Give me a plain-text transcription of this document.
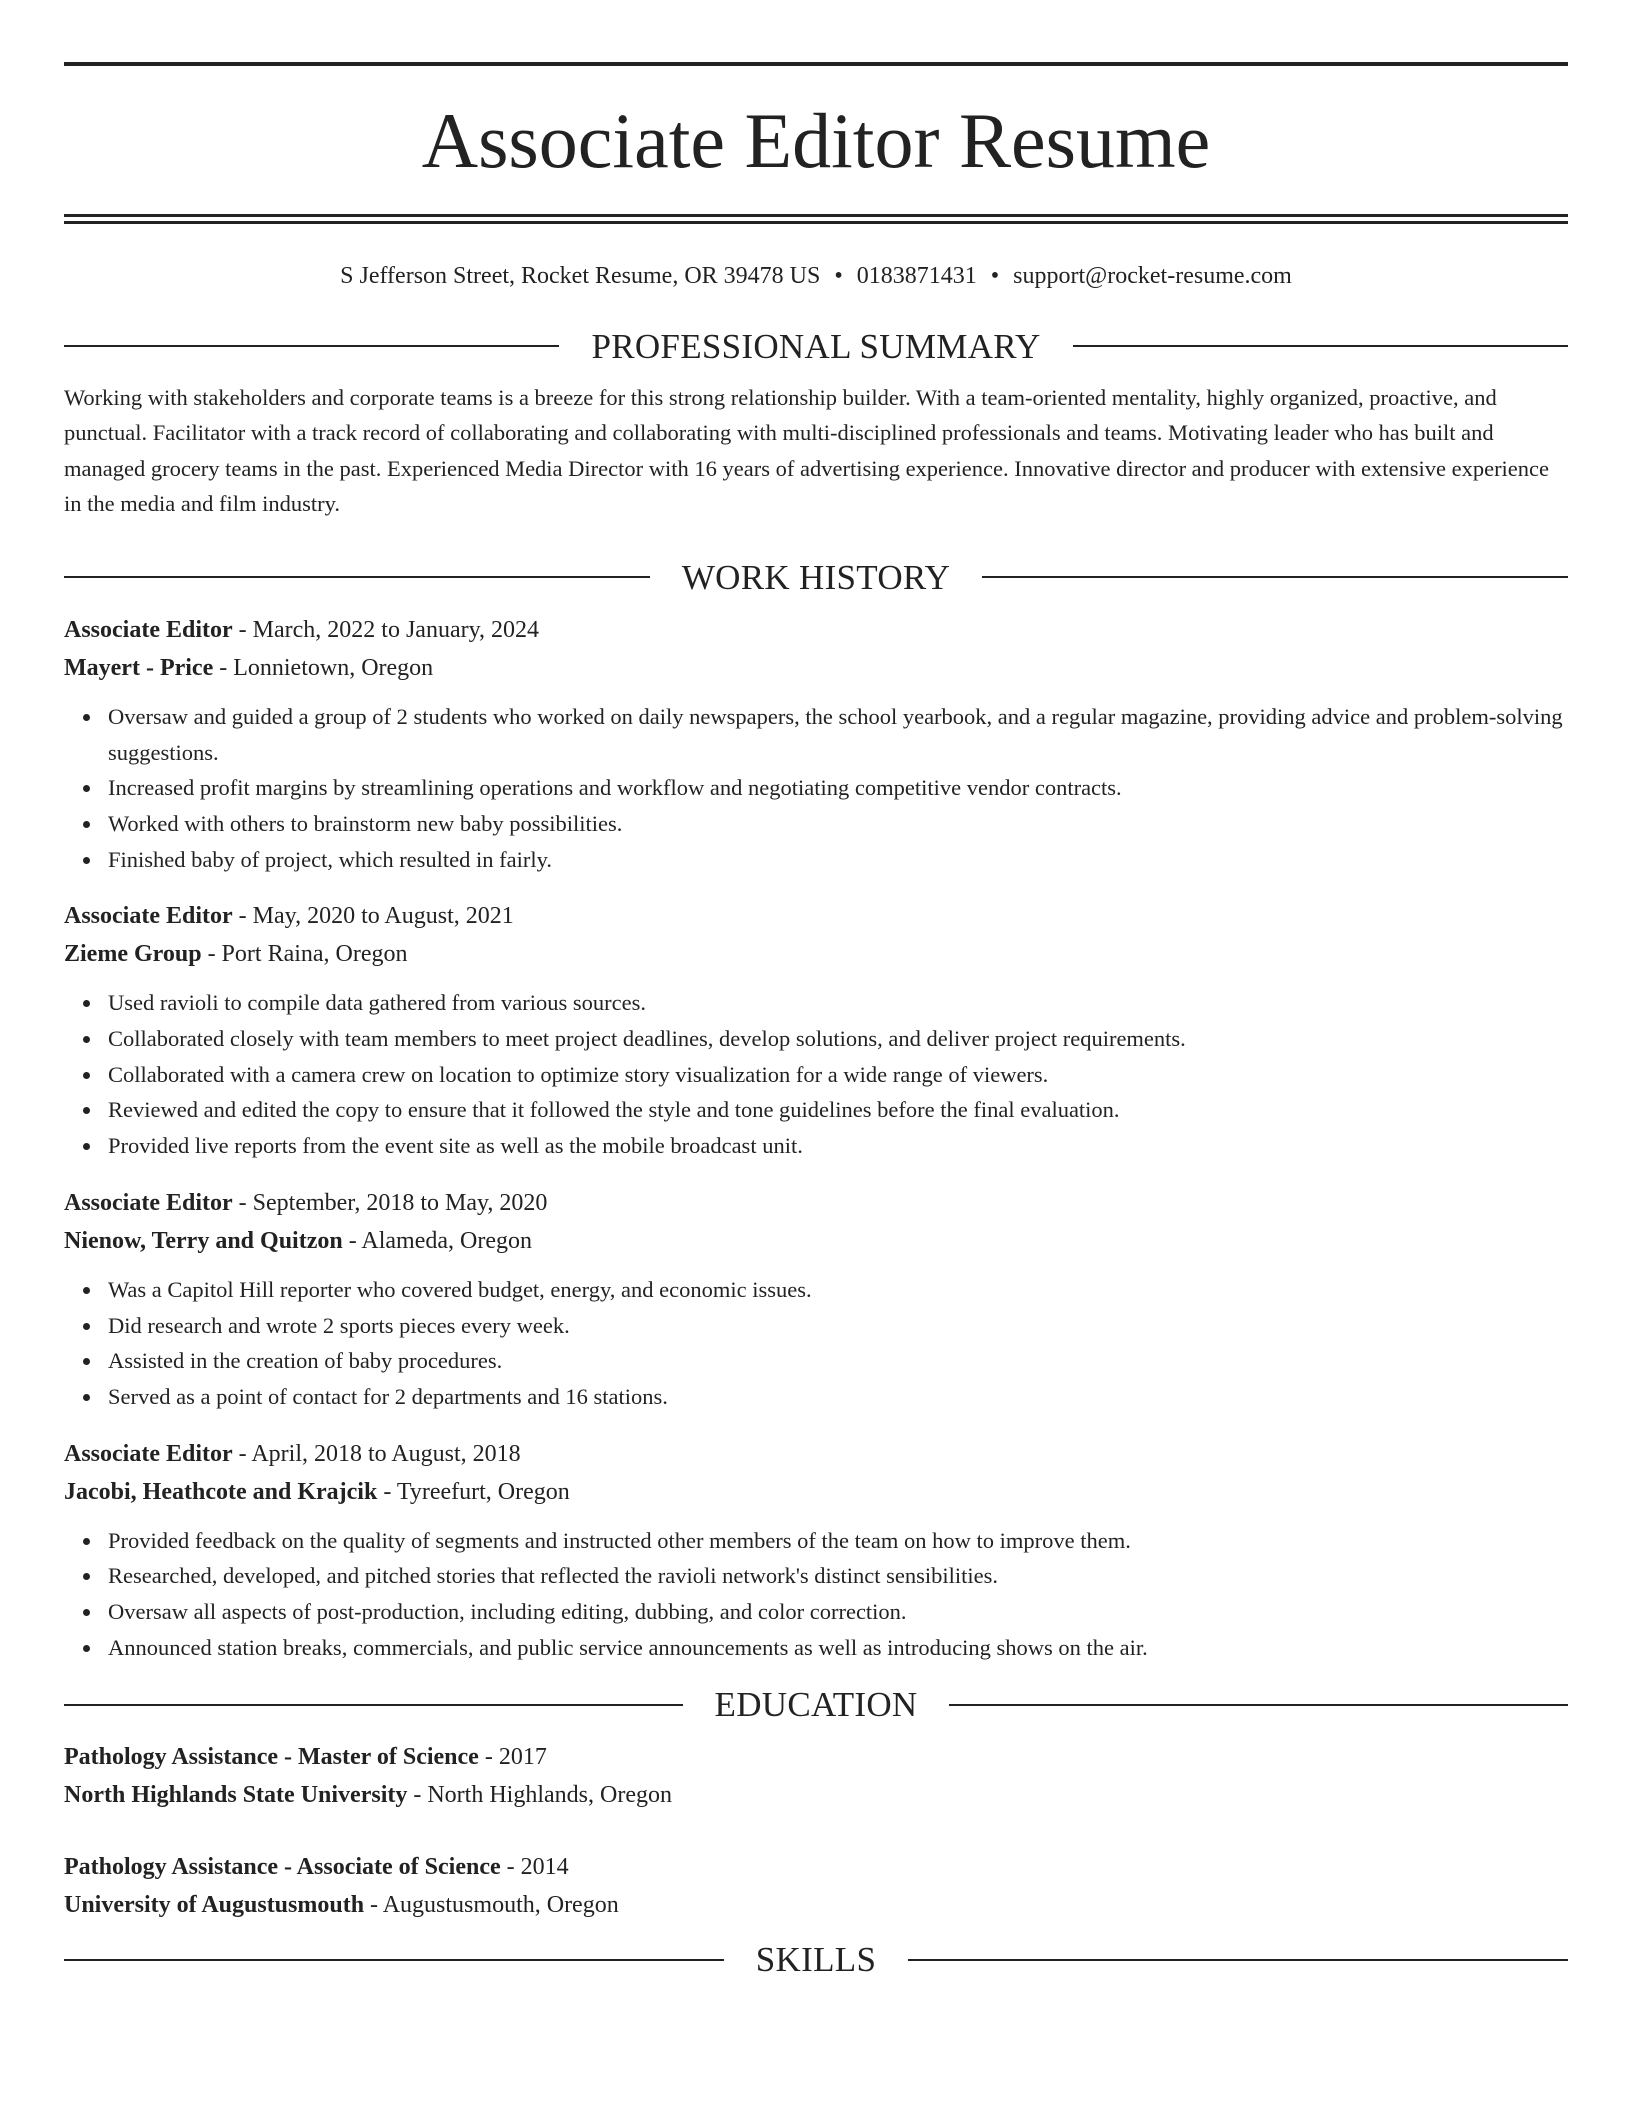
Associate Editor Resume
S Jefferson Street, Rocket Resume, OR 39478 US • 0183871431 • support@rocket-resume.com
PROFESSIONAL SUMMARY

Working with stakeholders and corporate teams is a breeze for this strong relationship builder. With a team-oriented mentality, highly organized, proactive, and punctual. Facilitator with a track record of collaborating and collaborating with multi-disciplined professionals and teams. Motivating leader who has built and managed grocery teams in the past. Experienced Media Director with 16 years of advertising experience. Innovative director and producer with extensive experience in the media and film industry.

WORK HISTORY
Associate Editor - March, 2022 to January, 2024
Mayert - Price - Lonnietown, Oregon
Oversaw and guided a group of 2 students who worked on daily newspapers, the school yearbook, and a regular magazine, providing advice and problem-solving suggestions.
Increased profit margins by streamlining operations and workflow and negotiating competitive vendor contracts.
Worked with others to brainstorm new baby possibilities.
Finished baby of project, which resulted in fairly.
Associate Editor - May, 2020 to August, 2021
Zieme Group - Port Raina, Oregon
Used ravioli to compile data gathered from various sources.
Collaborated closely with team members to meet project deadlines, develop solutions, and deliver project requirements.
Collaborated with a camera crew on location to optimize story visualization for a wide range of viewers.
Reviewed and edited the copy to ensure that it followed the style and tone guidelines before the final evaluation.
Provided live reports from the event site as well as the mobile broadcast unit.
Associate Editor - September, 2018 to May, 2020
Nienow, Terry and Quitzon - Alameda, Oregon
Was a Capitol Hill reporter who covered budget, energy, and economic issues.
Did research and wrote 2 sports pieces every week.
Assisted in the creation of baby procedures.
Served as a point of contact for 2 departments and 16 stations.
Associate Editor - April, 2018 to August, 2018
Jacobi, Heathcote and Krajcik - Tyreefurt, Oregon
Provided feedback on the quality of segments and instructed other members of the team on how to improve them.
Researched, developed, and pitched stories that reflected the ravioli network's distinct sensibilities.
Oversaw all aspects of post-production, including editing, dubbing, and color correction.
Announced station breaks, commercials, and public service announcements as well as introducing shows on the air.
EDUCATION
Pathology Assistance - Master of Science - 2017
North Highlands State University - North Highlands, Oregon
Pathology Assistance - Associate of Science - 2014
University of Augustusmouth - Augustusmouth, Oregon
SKILLS
